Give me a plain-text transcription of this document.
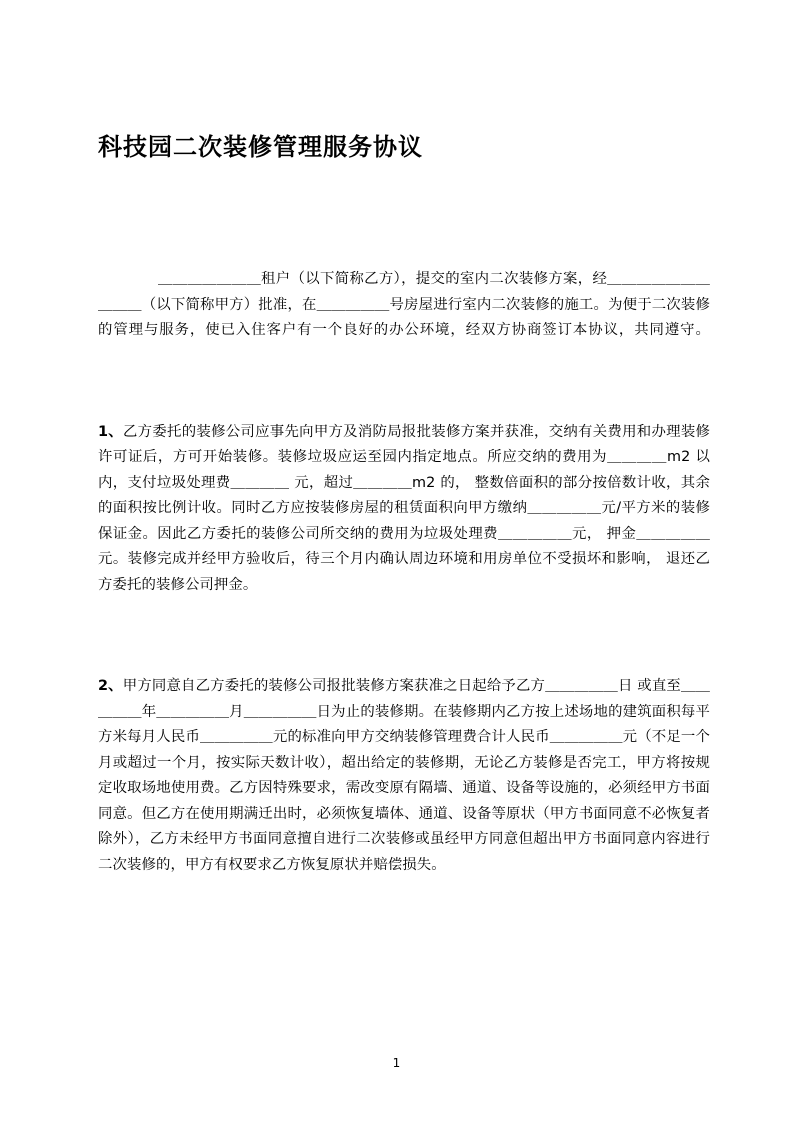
科技园二次装修管理服务协议

＿＿＿＿＿＿＿租户（以下简称乙方），提交的室内二次装修方案，经＿＿＿＿＿＿＿＿＿＿（以下简称甲方）批准，在＿＿＿＿＿号房屋进行室内二次装修的施工。为便于二次装修的管理与服务，使已入住客户有一个良好的办公环境，经双方协商签订本协议，共同遵守。

1、乙方委托的装修公司应事先向甲方及消防局报批装修方案并获准，交纳有关费用和办理装修许可证后，方可开始装修。装修垃圾应运至园内指定地点。所应交纳的费用为＿＿＿＿m2 以内，支付垃圾处理费＿＿＿＿ 元，超过＿＿＿＿m2 的， 整数倍面积的部分按倍数计收，其余的面积按比例计收。同时乙方应按装修房屋的租赁面积向甲方缴纳＿＿＿＿＿元/平方米的装修保证金。因此乙方委托的装修公司所交纳的费用为垃圾处理费＿＿＿＿＿元， 押金＿＿＿＿＿元。装修完成并经甲方验收后，待三个月内确认周边环境和用房单位不受损坏和影响， 退还乙方委托的装修公司押金。

2、甲方同意自乙方委托的装修公司报批装修方案获准之日起给予乙方＿＿＿＿＿日 或直至＿＿＿＿＿年＿＿＿＿＿月＿＿＿＿＿日为止的装修期。在装修期内乙方按上述场地的建筑面积每平方米每月人民币＿＿＿＿＿元的标准向甲方交纳装修管理费合计人民币＿＿＿＿＿元（不足一个月或超过一个月，按实际天数计收），超出给定的装修期，无论乙方装修是否完工，甲方将按规定收取场地使用费。乙方因特殊要求，需改变原有隔墙、通道、设备等设施的，必须经甲方书面同意。但乙方在使用期满迁出时，必须恢复墙体、通道、设备等原状（甲方书面同意不必恢复者除外），乙方未经甲方书面同意擅自进行二次装修或虽经甲方同意但超出甲方书面同意内容进行二次装修的，甲方有权要求乙方恢复原状并赔偿损失。

1
